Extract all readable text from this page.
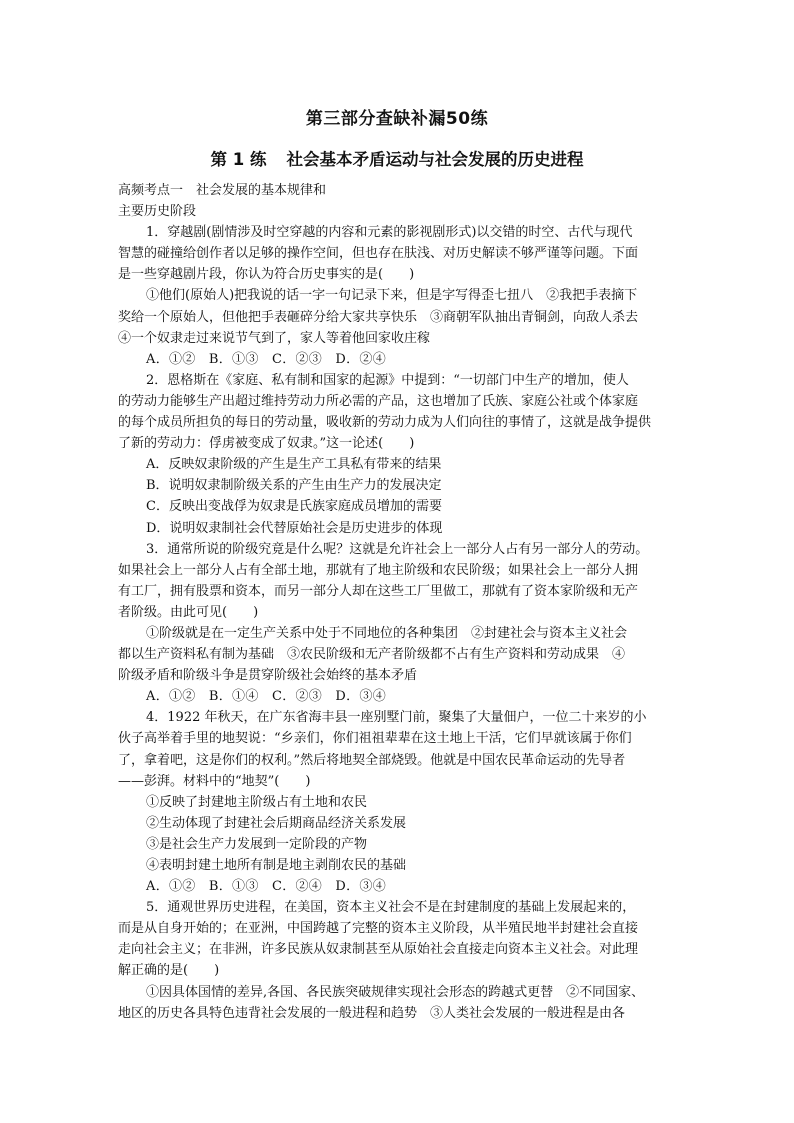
第三部分查缺补漏50练
第 1 练 社会基本矛盾运动与社会发展的历史进程
高频考点一　社会发展的基本规律和
主要历史阶段
1．穿越剧(剧情涉及时空穿越的内容和元素的影视剧形式)以交错的时空、古代与现代
智慧的碰撞给创作者以足够的操作空间，但也存在肤浅、对历史解读不够严谨等问题。下面
是一些穿越剧片段，你认为符合历史事实的是(　　)
①他们(原始人)把我说的话一字一句记录下来，但是字写得歪七扭八　②我把手表摘下
奖给一个原始人，但他把手表砸碎分给大家共享快乐　③商朝军队抽出青铜剑，向敌人杀去
④一个奴隶走过来说节气到了，家人等着他回家收庄稼
A．①②　B．①③　C．②③　D．②④
2．恩格斯在《家庭、私有制和国家的起源》中提到：“一切部门中生产的增加，使人
的劳动力能够生产出超过维持劳动力所必需的产品，这也增加了氏族、家庭公社或个体家庭
的每个成员所担负的每日的劳动量，吸收新的劳动力成为人们向往的事情了，这就是战争提供
了新的劳动力：俘虏被变成了奴隶。”这一论述(　　)
A．反映奴隶阶级的产生是生产工具私有带来的结果
B．说明奴隶制阶级关系的产生由生产力的发展决定
C．反映出变战俘为奴隶是氏族家庭成员增加的需要
D．说明奴隶制社会代替原始社会是历史进步的体现
3．通常所说的阶级究竟是什么呢？这就是允许社会上一部分人占有另一部分人的劳动。
如果社会上一部分人占有全部土地，那就有了地主阶级和农民阶级；如果社会上一部分人拥
有工厂，拥有股票和资本，而另一部分人却在这些工厂里做工，那就有了资本家阶级和无产
者阶级。由此可见(　　)
①阶级就是在一定生产关系中处于不同地位的各种集团　②封建社会与资本主义社会
都以生产资料私有制为基础　③农民阶级和无产者阶级都不占有生产资料和劳动成果　④
阶级矛盾和阶级斗争是贯穿阶级社会始终的基本矛盾
A．①②　B．①④　C．②③　D．③④
4．1922 年秋天，在广东省海丰县一座别墅门前，聚集了大量佃户，一位二十来岁的小
伙子高举着手里的地契说：“乡亲们，你们祖祖辈辈在这土地上干活，它们早就该属于你们
了，拿着吧，这是你们的权利。”然后将地契全部烧毁。他就是中国农民革命运动的先导者
——彭湃。材料中的“地契”(　　)
①反映了封建地主阶级占有土地和农民
②生动体现了封建社会后期商品经济关系发展
③是社会生产力发展到一定阶段的产物
④表明封建土地所有制是地主剥削农民的基础
A．①②　B．①③　C．②④　D．③④
5．通观世界历史进程，在美国，资本主义社会不是在封建制度的基础上发展起来的，
而是从自身开始的；在亚洲，中国跨越了完整的资本主义阶段，从半殖民地半封建社会直接
走向社会主义；在非洲，许多民族从奴隶制甚至从原始社会直接走向资本主义社会。对此理
解正确的是(　　)
①因具体国情的差异,各国、各民族突破规律实现社会形态的跨越式更替　②不同国家、
地区的历史各具特色违背社会发展的一般进程和趋势　③人类社会发展的一般进程是由各
